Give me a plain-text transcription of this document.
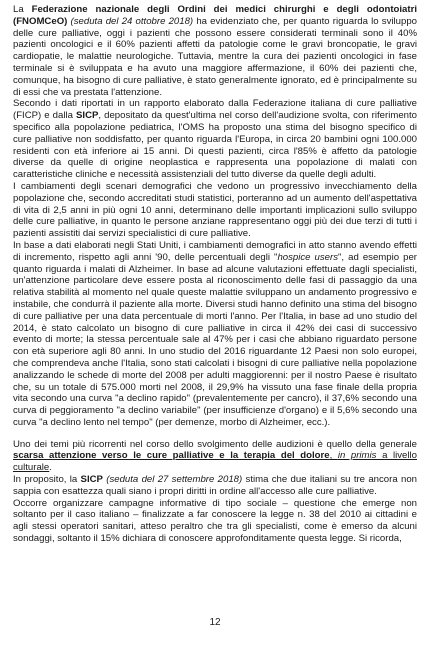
La Federazione nazionale degli Ordini dei medici chirurghi e degli odontoiatri (FNOMCeO) (seduta del 24 ottobre 2018) ha evidenziato che, per quanto riguarda lo sviluppo delle cure palliative, oggi i pazienti che possono essere considerati terminali sono il 40% pazienti oncologici e il 60% pazienti affetti da patologie come le gravi broncopatie, le gravi cardiopatie, le malattie neurologiche. Tuttavia, mentre la cura dei pazienti oncologici in fase terminale si è sviluppata e ha avuto una maggiore affermazione, il 60% dei pazienti che, comunque, ha bisogno di cure palliative, è stato generalmente ignorato, ed è principalmente su di essi che va prestata l'attenzione.

Secondo i dati riportati in un rapporto elaborato dalla Federazione italiana di cure palliative (FICP) e dalla SICP, depositato da quest'ultima nel corso dell'audizione svolta, con riferimento specifico alla popolazione pediatrica, l'OMS ha proposto una stima del bisogno specifico di cure palliative non soddisfatto, per quanto riguarda l'Europa, in circa 20 bambini ogni 100.000 residenti con età inferiore ai 15 anni. Di questi pazienti, circa l'85% è affetto da patologie diverse da quelle di origine neoplastica e rappresenta una popolazione di malati con caratteristiche cliniche e necessità assistenziali del tutto diverse da quelle degli adulti.

I cambiamenti degli scenari demografici che vedono un progressivo invecchiamento della popolazione che, secondo accreditati studi statistici, porteranno ad un aumento dell'aspettativa di vita di 2,5 anni in più ogni 10 anni, determinano delle importanti implicazioni sullo sviluppo delle cure palliative, in quanto le persone anziane rappresentano oggi più dei due terzi di tutti i pazienti assistiti dai servizi specialistici di cure palliative.

In base a dati elaborati negli Stati Uniti, i cambiamenti demografici in atto stanno avendo effetti di incremento, rispetto agli anni '90, delle percentuali degli "hospice users", ad esempio per quanto riguarda i malati di Alzheimer. In base ad alcune valutazioni effettuate dagli specialisti, un'attenzione particolare deve essere posta al riconoscimento delle fasi di passaggio da una relativa stabilità al momento nel quale queste malattie sviluppano un andamento progressivo e instabile, che condurrà il paziente alla morte. Diversi studi hanno definito una stima del bisogno di cure palliative per una data percentuale di morti l'anno. Per l'Italia, in base ad uno studio del 2014, è stato calcolato un bisogno di cure palliative in circa il 42% dei casi di successivo evento di morte; la stessa percentuale sale al 47% per i casi che abbiano riguardato persone con età superiore agli 80 anni. In uno studio del 2016 riguardante 12 Paesi non solo europei, che comprendeva anche l'Italia, sono stati calcolati i bisogni di cure palliative nella popolazione analizzando le schede di morte del 2008 per adulti maggiorenni: per il nostro Paese è risultato che, su un totale di 575.000 morti nel 2008, il 29,9% ha vissuto una fase finale della propria vita secondo una curva "a declino rapido" (prevalentemente per cancro), il 37,6% secondo una curva di peggioramento "a declino variabile" (per insufficienze d'organo) e il 5,6% secondo una curva "a declino lento nel tempo" (per demenze, morbo di Alzheimer, ecc.).

Uno dei temi più ricorrenti nel corso dello svolgimento delle audizioni è quello della generale scarsa attenzione verso le cure palliative e la terapia del dolore, in primis a livello culturale.

In proposito, la SICP (seduta del 27 settembre 2018) stima che due italiani su tre ancora non sappia con esattezza quali siano i propri diritti in ordine all'accesso alle cure palliative.

Occorre organizzare campagne informative di tipo sociale – questione che emerge non soltanto per il caso italiano – finalizzate a far conoscere la legge n. 38 del 2010 ai cittadini e agli stessi operatori sanitari, atteso peraltro che tra gli specialisti, come è emerso da alcuni sondaggi, soltanto il 15% dichiara di conoscere approfonditamente questa legge. Si ricorda,

12
